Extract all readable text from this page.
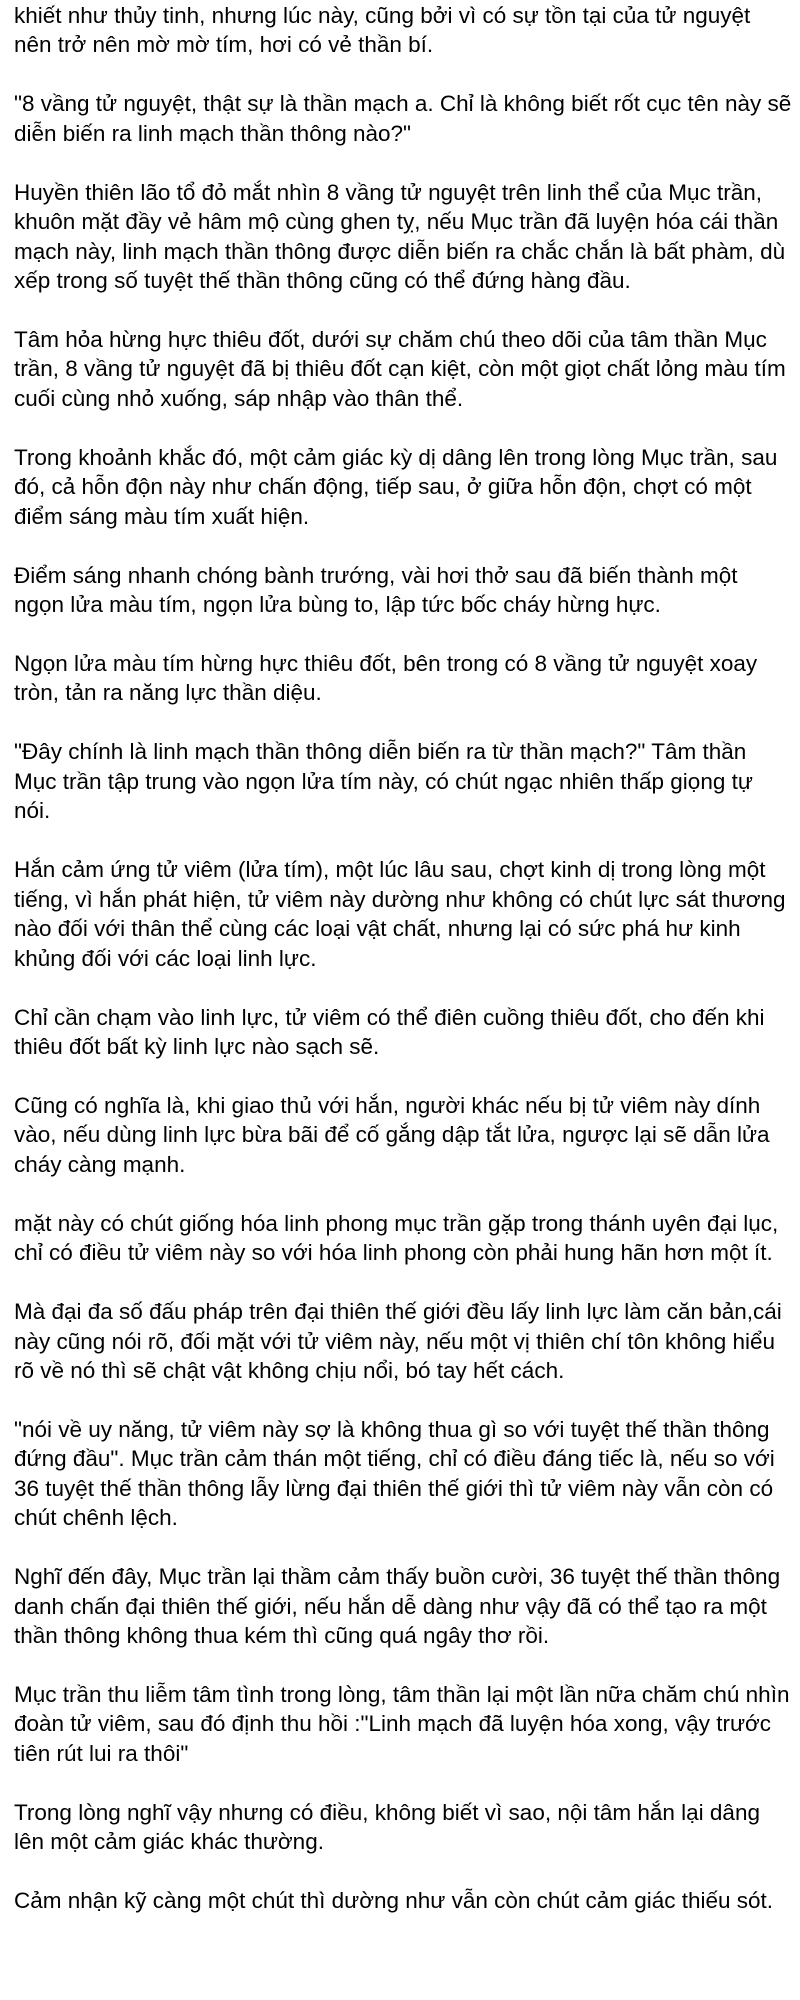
khiết như thủy tinh, nhưng lúc này, cũng bởi vì có sự tồn tại của tử nguyệt nên trở nên mờ mờ tím, hơi có vẻ thần bí.

"8 vầng tử nguyệt, thật sự là thần mạch a. Chỉ là không biết rốt cục tên này sẽ diễn biến ra linh mạch thần thông nào?"

Huyền thiên lão tổ đỏ mắt nhìn 8 vầng tử nguyệt trên linh thể của Mục trần, khuôn mặt đầy vẻ hâm mộ cùng ghen tỵ, nếu Mục trần đã luyện hóa cái thần mạch này, linh mạch thần thông được diễn biến ra chắc chắn là bất phàm, dù xếp trong số tuyệt thế thần thông cũng có thể đứng hàng đầu.

Tâm hỏa hừng hực thiêu đốt, dưới sự chăm chú theo dõi của tâm thần Mục trần, 8 vầng tử nguyệt đã bị thiêu đốt cạn kiệt, còn một giọt chất lỏng màu tím cuối cùng nhỏ xuống, sáp nhập vào thân thể.

Trong khoảnh khắc đó, một cảm giác kỳ dị dâng lên trong lòng Mục trần, sau đó, cả hỗn độn này như chấn động, tiếp sau, ở giữa hỗn độn, chợt có một điểm sáng màu tím xuất hiện.

Điểm sáng nhanh chóng bành trướng, vài hơi thở sau đã biến thành một ngọn lửa màu tím, ngọn lửa bùng to, lập tức bốc cháy hừng hực.

Ngọn lửa màu tím hừng hực thiêu đốt, bên trong có 8 vầng tử nguyệt xoay tròn, tản ra năng lực thần diệu.

"Đây chính là linh mạch thần thông diễn biến ra từ thần mạch?" Tâm thần Mục trần tập trung vào ngọn lửa tím này, có chút ngạc nhiên thấp giọng tự nói.

Hắn cảm ứng tử viêm (lửa tím), một lúc lâu sau, chợt kinh dị trong lòng một tiếng, vì hắn phát hiện, tử viêm này dường như không có chút lực sát thương nào đối với thân thể cùng các loại vật chất, nhưng lại có sức phá hư kinh khủng đối với các loại linh lực.

Chỉ cần chạm vào linh lực, tử viêm có thể điên cuồng thiêu đốt, cho đến khi thiêu đốt bất kỳ linh lực nào sạch sẽ.

Cũng có nghĩa là, khi giao thủ với hắn, người khác nếu bị tử viêm này dính vào, nếu dùng linh lực bừa bãi để cố gắng dập tắt lửa, ngược lại sẽ dẫn lửa cháy càng mạnh.

mặt này có chút giống hóa linh phong mục trần gặp trong thánh uyên đại lục, chỉ có điều tử viêm này so với hóa linh phong còn phải hung hãn hơn một ít.

Mà đại đa số đấu pháp trên đại thiên thế giới đều lấy linh lực làm căn bản,cái này cũng nói rõ, đối mặt với tử viêm này, nếu một vị thiên chí tôn không hiểu rõ về nó thì sẽ chật vật không chịu nổi, bó tay hết cách.

"nói về uy năng, tử viêm này sợ là không thua gì so với tuyệt thế thần thông đứng đầu". Mục trần cảm thán một tiếng, chỉ có điều đáng tiếc là, nếu so với 36 tuyệt thế thần thông lẫy lừng đại thiên thế giới thì tử viêm này vẫn còn có chút chênh lệch.

Nghĩ đến đây, Mục trần lại thầm cảm thấy buồn cười, 36 tuyệt thế thần thông danh chấn đại thiên thế giới, nếu hắn dễ dàng như vậy đã có thể tạo ra một thần thông không thua kém thì cũng quá ngây thơ rồi.

Mục trần thu liễm tâm tình trong lòng, tâm thần lại một lần nữa chăm chú nhìn đoàn tử viêm, sau đó định thu hồi :"Linh mạch đã luyện hóa xong, vậy trước tiên rút lui ra thôi"

Trong lòng nghĩ vậy nhưng có điều, không biết vì sao, nội tâm hắn lại dâng lên một cảm giác khác thường.

Cảm nhận kỹ càng một chút thì dường như vẫn còn chút cảm giác thiếu sót.
